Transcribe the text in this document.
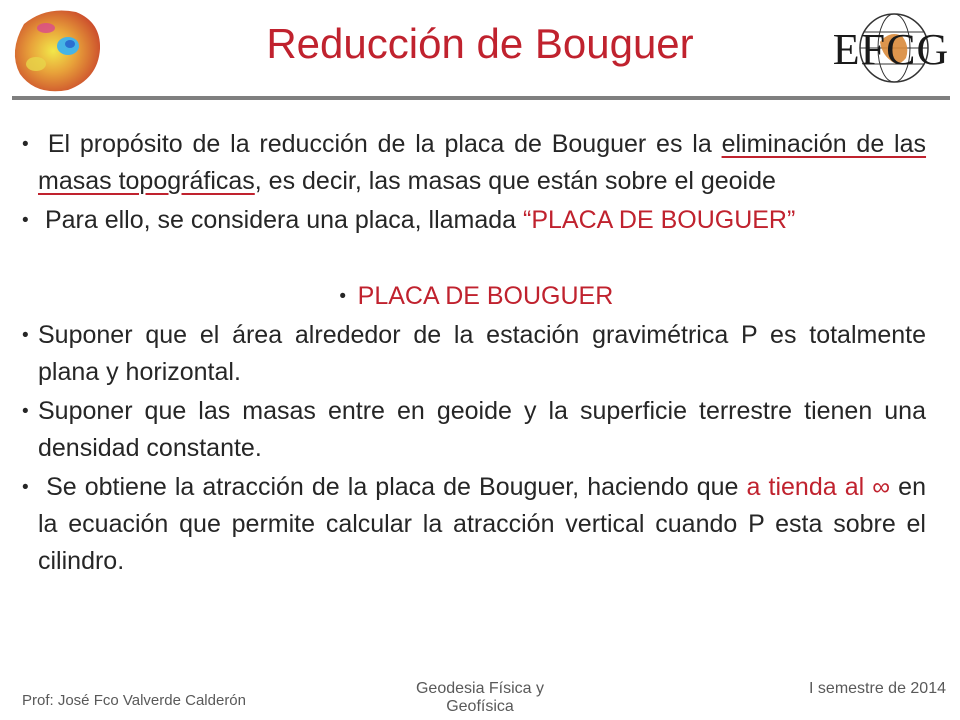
Reducción de Bouguer	EFCG

• El propósito de la reducción de la placa de Bouguer es la eliminación de las masas topográficas, es decir, las masas que están sobre el geoide

• Para ello, se considera una placa, llamada “PLACA DE BOUGUER”

• PLACA DE BOUGUER

• Suponer que el área alrededor de la estación gravimétrica P es totalmente plana y horizontal.

• Suponer que las masas entre en geoide y la superficie terrestre tienen una densidad constante.

• Se obtiene la atracción de la placa de Bouguer, haciendo que a tienda al ∞ en la ecuación que permite calcular la atracción vertical cuando P esta sobre el cilindro.

Prof: José Fco Valverde Calderón
Geodesia Física y Geofísica
I semestre de 2014
